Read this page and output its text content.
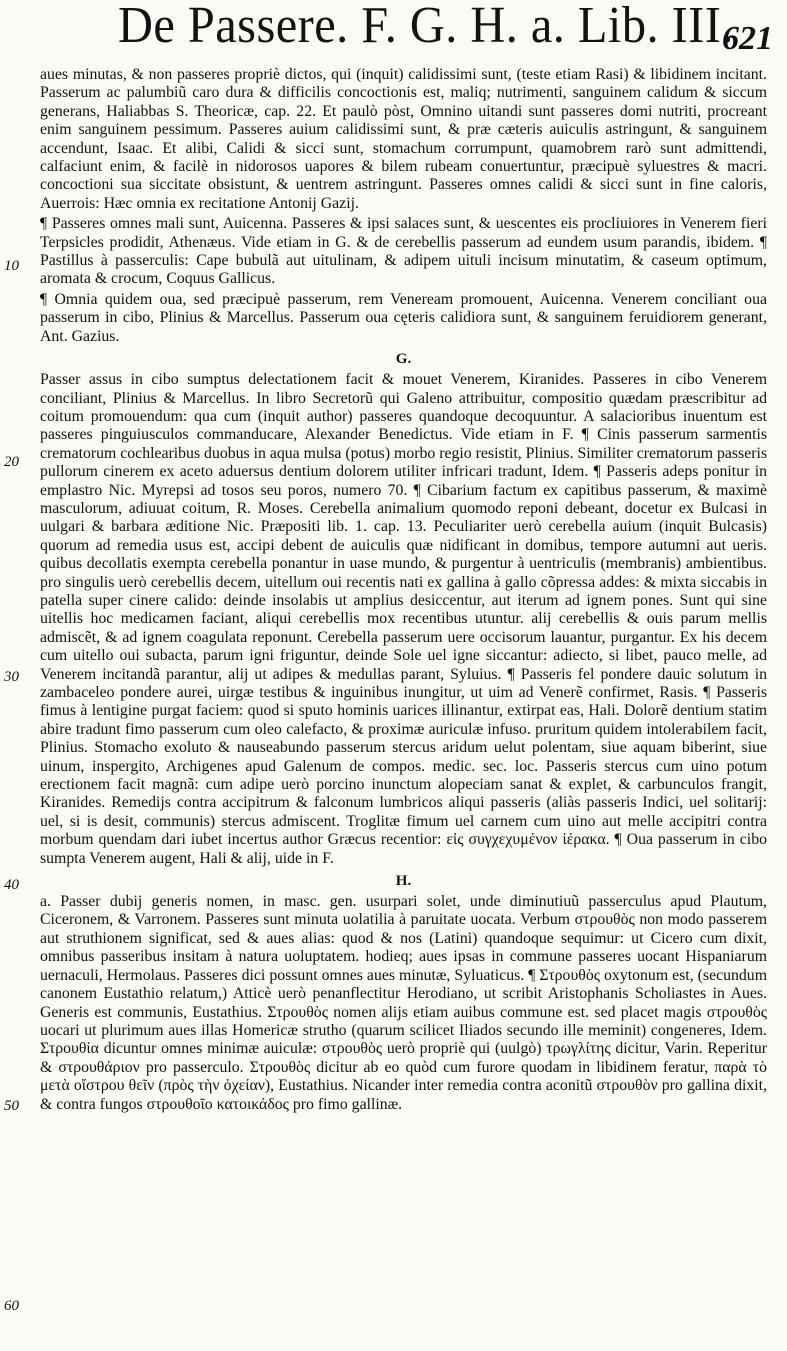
De Passere. F. G. H. a. Lib. III.
621
10
20
30
40
50
60

aues minutas, & non passeres propriè dictos, qui (inquit) calidissimi sunt, (teste etiam Rasi) & libidinem incitant. Passerum ac palumbiũ caro dura & difficilis concoctionis est, maliq; nutrimenti, sanguinem calidum & siccum generans, Haliabbas S. Theoricæ, cap. 22. Et paulò pòst, Omnino uitandi sunt passeres domi nutriti, procreant enim sanguinem pessimum. Passeres auium calidissimi sunt, & præ cæteris auiculis astringunt, & sanguinem accendunt, Isaac. Et alibi, Calidi & sicci sunt, stomachum corrumpunt, quamobrem rarò sunt admittendi, calfaciunt enim, & facilè in nidorosos uapores & bilem rubeam conuertuntur, præcipuè syluestres & macri. concoctioni sua siccitate obsistunt, & uentrem astringunt. Passeres omnes calidi & sicci sunt in fine caloris, Auerrois: Hæc omnia ex recitatione Antonij Gazij.

¶ Passeres omnes mali sunt, Auicenna. Passeres & ipsi salaces sunt, & uescentes eis procliuiores in Venerem fieri Terpsicles prodidit, Athenæus. Vide etiam in G. & de cerebellis passerum ad eundem usum parandis, ibidem. ¶ Pastillus à passerculis: Cape bubulã aut uitulinam, & adipem uituli incisum minutatim, & caseum optimum, aromata & crocum, Coquus Gallicus.

¶ Omnia quidem oua, sed præcipuè passerum, rem Veneream promouent, Auicenna. Venerem conciliant oua passerum in cibo, Plinius & Marcellus. Passerum oua cęteris calidiora sunt, & sanguinem feruidiorem generant, Ant. Gazius.

G.

Passer assus in cibo sumptus delectationem facit & mouet Venerem, Kiranides. Passeres in cibo Venerem conciliant, Plinius & Marcellus. In libro Secretorũ qui Galeno attribuitur, compositio quædam præscribitur ad coitum promouendum: qua cum (inquit author) passeres quandoque decoquuntur. A salacioribus inuentum est passeres pinguiusculos commanducare, Alexander Benedictus. Vide etiam in F. ¶ Cinis passerum sarmentis crematorum cochlearibus duobus in aqua mulsa (potus) morbo regio resistit, Plinius. Similiter crematorum passeris pullorum cinerem ex aceto aduersus dentium dolorem utiliter infricari tradunt, Idem. ¶ Passeris adeps ponitur in emplastro Nic. Myrepsi ad tosos seu poros, numero 70. ¶ Cibarium factum ex capitibus passerum, & maximè masculorum, adiuuat coitum, R. Moses. Cerebella animalium quomodo reponi debeant, docetur ex Bulcasi in uulgari & barbara æditione Nic. Præpositi lib. 1. cap. 13. Peculiariter uerò cerebella auium (inquit Bulcasis) quorum ad remedia usus est, accipi debent de auiculis quæ nidificant in domibus, tempore autumni aut ueris. quibus decollatis exempta cerebella ponantur in uase mundo, & purgentur à uentriculis (membranis) ambientibus. pro singulis uerò cerebellis decem, uitellum oui recentis nati ex gallina à gallo cõpressa addes: & mixta siccabis in patella super cinere calido: deinde insolabis ut amplius desiccentur, aut iterum ad ignem pones. Sunt qui sine uitellis hoc medicamen faciant, aliqui cerebellis mox recentibus utuntur. alij cerebellis & ouis parum mellis admiscẽt, & ad ignem coagulata reponunt. Cerebella passerum uere occisorum lauantur, purgantur. Ex his decem cum uitello oui subacta, parum igni friguntur, deinde Sole uel igne siccantur: adiecto, si libet, pauco melle, ad Venerem incitandã parantur, alij ut adipes & medullas parant, Syluius. ¶ Passeris fel pondere dauic solutum in zambaceleo pondere aurei, uirgæ testibus & inguinibus inungitur, ut uim ad Venerẽ confirmet, Rasis. ¶ Passeris fimus à lentigine purgat faciem: quod si sputo hominis uarices illinantur, extirpat eas, Hali. Dolorẽ dentium statim abire tradunt fimo passerum cum oleo calefacto, & proximæ auriculæ infuso. pruritum quidem intolerabilem facit, Plinius. Stomacho exoluto & nauseabundo passerum stercus aridum uelut polentam, siue aquam biberint, siue uinum, inspergito, Archigenes apud Galenum de compos. medic. sec. loc. Passeris stercus cum uino potum erectionem facit magnã: cum adipe uerò porcino inunctum alopeciam sanat & explet, & carbunculos frangit, Kiranides. Remedijs contra accipitrum & falconum lumbricos aliqui passeris (aliàs passeris Indici, uel solitarij: uel, si is desit, communis) stercus admiscent. Troglitæ fimum uel carnem cum uino aut melle accipitri contra morbum quendam dari iubet incertus author Græcus recentior: εἰς συγχεχυμένον ἱέρακα. ¶ Oua passerum in cibo sumpta Venerem augent, Hali & alij, uide in F.

H.

a. Passer dubij generis nomen, in masc. gen. usurpari solet, unde diminutiuũ passerculus apud Plautum, Ciceronem, & Varronem. Passeres sunt minuta uolatilia à paruitate uocata. Verbum στρουθὸς non modo passerem aut struthionem significat, sed & aues alias: quod & nos (Latini) quandoque sequimur: ut Cicero cum dixit, omnibus passeribus insitam à natura uoluptatem. hodieq; aues ipsas in commune passeres uocant Hispaniarum uernaculi, Hermolaus. Passeres dici possunt omnes aues minutæ, Syluaticus. ¶ Στρουθὸς oxytonum est, (secundum canonem Eustathio relatum,) Atticè uerò penanflectitur Herodiano, ut scribit Aristophanis Scholiastes in Aues. Generis est communis, Eustathius. Στρουθὸς nomen alijs etiam auibus commune est. sed placet magis στρουθὸς uocari ut plurimum aues illas Homericæ strutho (quarum scilicet Iliados secundo ille meminit) congeneres, Idem. Στρουθία dicuntur omnes minimæ auiculæ: στρουθὸς uerò propriè qui (uulgò) τρωγλίτης dicitur, Varin. Reperitur & στρουθάριον pro passerculo. Στρουθὸς dicitur ab eo quòd cum furore quodam in libidinem feratur, παρὰ τὸ μετὰ οἴστρου θεῖν (πρὸς τὴν ὀχείαν), Eustathius. Nicander inter remedia contra aconitũ στρουθὸν pro gallina dixit, & contra fungos στρουθοῖο κατοικάδος pro fimo gallinæ.
